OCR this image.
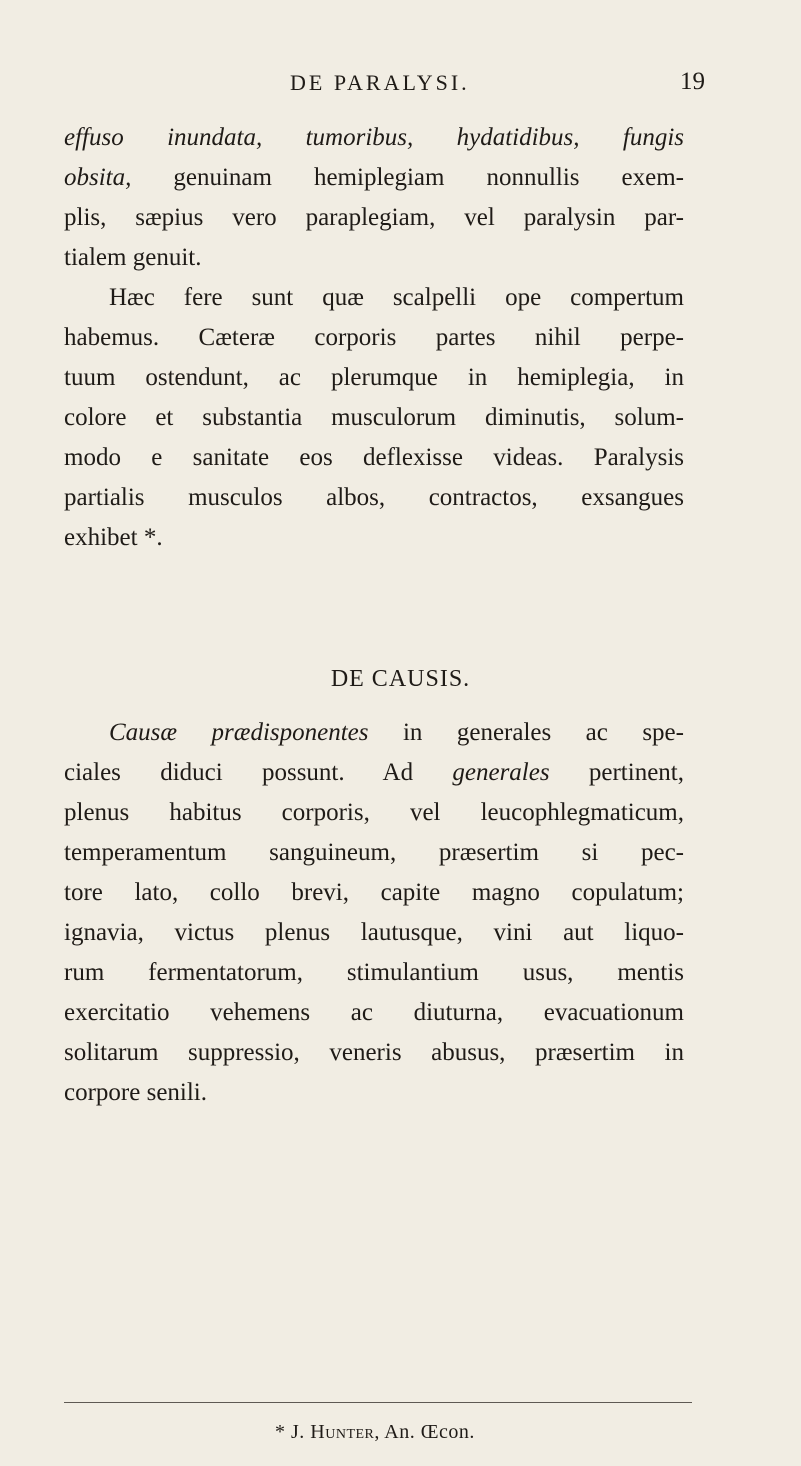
DE PARALYSI.	19
effuso inundata, tumoribus, hydatidibus, fungis
obsita, genuinam hemiplegiam nonnullis exem-
plis, sæpius vero paraplegiam, vel paralysin par-
tialem genuit.
Hæc fere sunt quæ scalpelli ope compertum
habemus. Cæteræ corporis partes nihil perpe-
tuum ostendunt, ac plerumque in hemiplegia, in
colore et substantia musculorum diminutis, solum-
modo e sanitate eos deflexisse videas. Paralysis
partialis musculos albos, contractos, exsangues
exhibet *.
DE CAUSIS.
Causæ prædisponentes in generales ac spe-
ciales diduci possunt. Ad generales pertinent,
plenus habitus corporis, vel leucophlegmaticum,
temperamentum sanguineum, præsertim si pec-
tore lato, collo brevi, capite magno copulatum;
ignavia, victus plenus lautusque, vini aut liquo-
rum fermentatorum, stimulantium usus, mentis
exercitatio vehemens ac diuturna, evacuationum
solitarum suppressio, veneris abusus, præsertim in
corpore senili.
* J. Hunter, An. Œcon.
